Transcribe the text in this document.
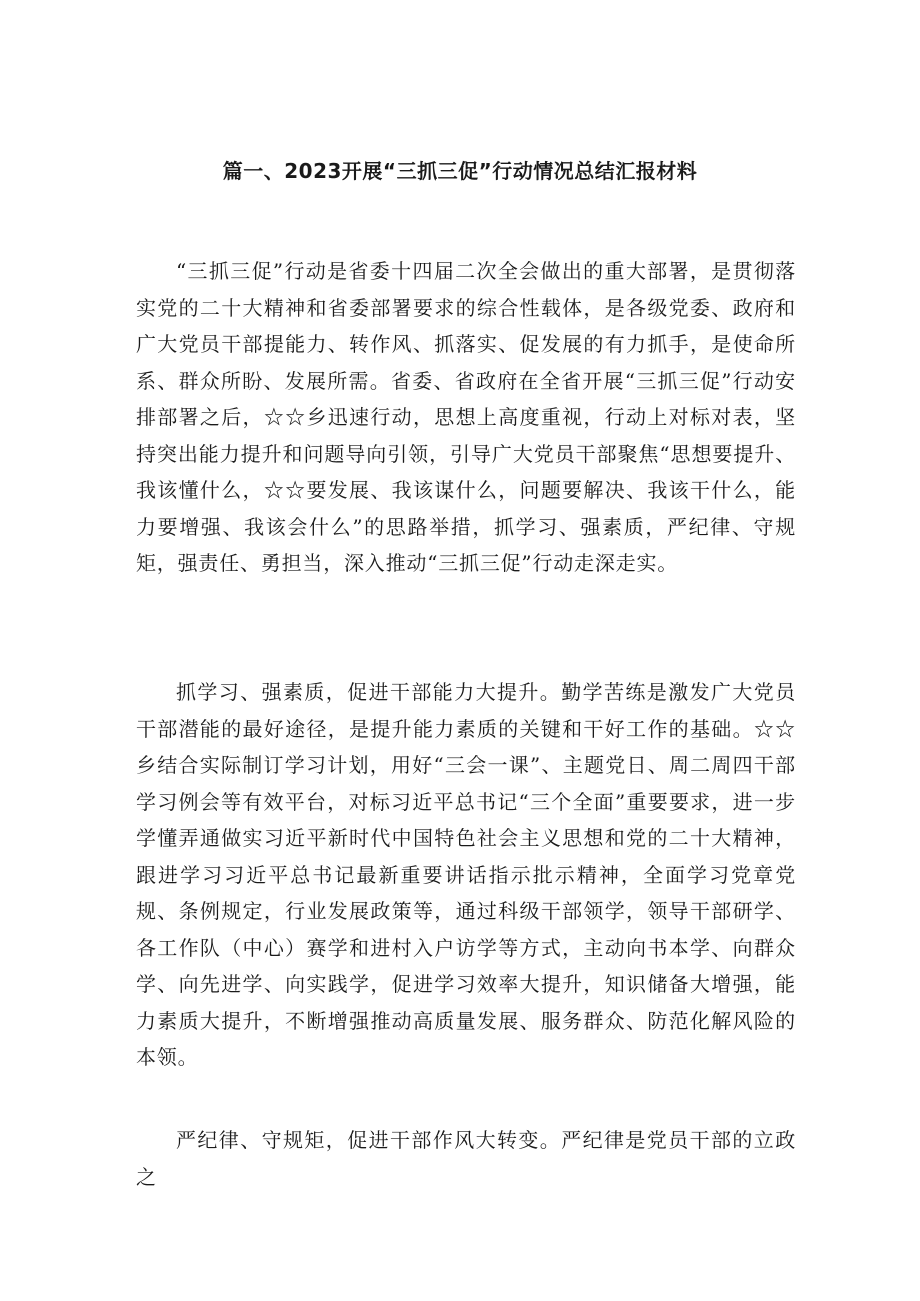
篇一、2023开展“三抓三促”行动情况总结汇报材料

“三抓三促”行动是省委十四届二次全会做出的重大部署，是贯彻落实党的二十大精神和省委部署要求的综合性载体，是各级党委、政府和广大党员干部提能力、转作风、抓落实、促发展的有力抓手，是使命所系、群众所盼、发展所需。省委、省政府在全省开展“三抓三促”行动安排部署之后，☆☆乡迅速行动，思想上高度重视，行动上对标对表，坚持突出能力提升和问题导向引领，引导广大党员干部聚焦“思想要提升、我该懂什么，☆☆要发展、我该谋什么，问题要解决、我该干什么，能力要增强、我该会什么”的思路举措，抓学习、强素质，严纪律、守规矩，强责任、勇担当，深入推动“三抓三促”行动走深走实。

抓学习、强素质，促进干部能力大提升。勤学苦练是激发广大党员干部潜能的最好途径，是提升能力素质的关键和干好工作的基础。☆☆乡结合实际制订学习计划，用好“三会一课”、主题党日、周二周四干部学习例会等有效平台，对标习近平总书记“三个全面”重要要求，进一步学懂弄通做实习近平新时代中国特色社会主义思想和党的二十大精神，跟进学习习近平总书记最新重要讲话指示批示精神，全面学习党章党规、条例规定，行业发展政策等，通过科级干部领学，领导干部研学、各工作队（中心）赛学和进村入户访学等方式，主动向书本学、向群众学、向先进学、向实践学，促进学习效率大提升，知识储备大增强，能力素质大提升，不断增强推动高质量发展、服务群众、防范化解风险的本领。

严纪律、守规矩，促进干部作风大转变。严纪律是党员干部的立政之
